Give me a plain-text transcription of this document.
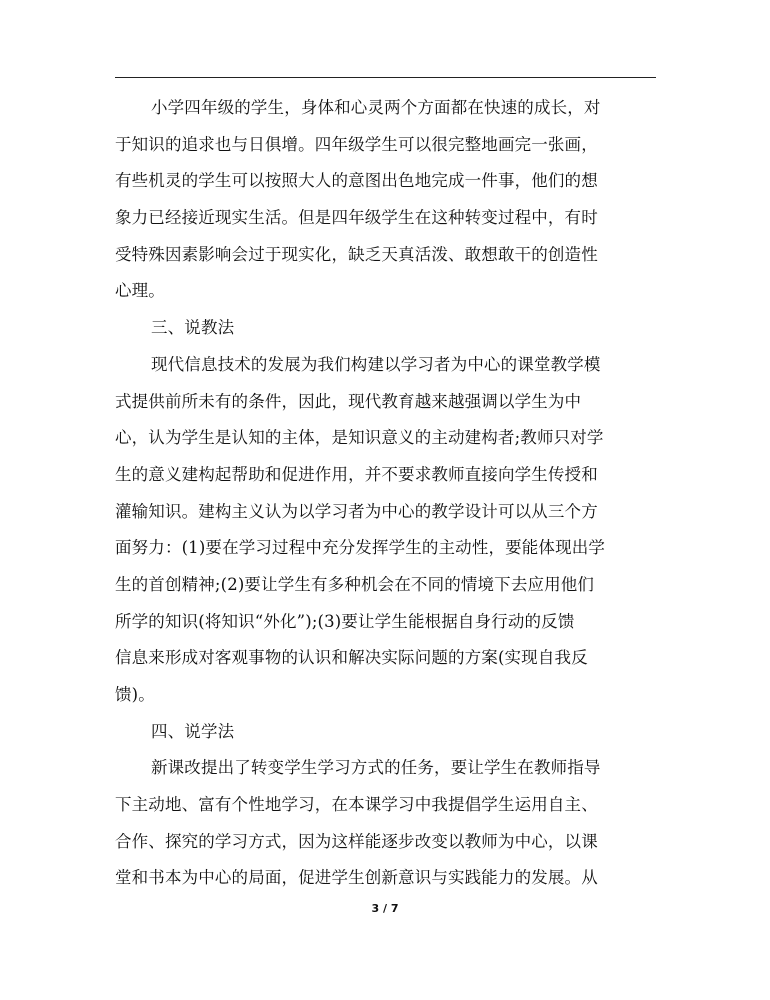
小学四年级的学生，身体和心灵两个方面都在快速的成长，对
于知识的追求也与日俱增。四年级学生可以很完整地画完一张画，
有些机灵的学生可以按照大人的意图出色地完成一件事，他们的想
象力已经接近现实生活。但是四年级学生在这种转变过程中，有时
受特殊因素影响会过于现实化，缺乏天真活泼、敢想敢干的创造性
心理。
三、说教法
现代信息技术的发展为我们构建以学习者为中心的课堂教学模
式提供前所未有的条件，因此，现代教育越来越强调以学生为中
心，认为学生是认知的主体，是知识意义的主动建构者;教师只对学
生的意义建构起帮助和促进作用，并不要求教师直接向学生传授和
灌输知识。建构主义认为以学习者为中心的教学设计可以从三个方
面努力：(1)要在学习过程中充分发挥学生的主动性，要能体现出学
生的首创精神;(2)要让学生有多种机会在不同的情境下去应用他们
所学的知识(将知识“外化”);(3)要让学生能根据自身行动的反馈
信息来形成对客观事物的认识和解决实际问题的方案(实现自我反
馈)。
四、说学法
新课改提出了转变学生学习方式的任务，要让学生在教师指导
下主动地、富有个性地学习，在本课学习中我提倡学生运用自主、
合作、探究的学习方式，因为这样能逐步改变以教师为中心，以课
堂和书本为中心的局面，促进学生创新意识与实践能力的发展。从
3 / 7
